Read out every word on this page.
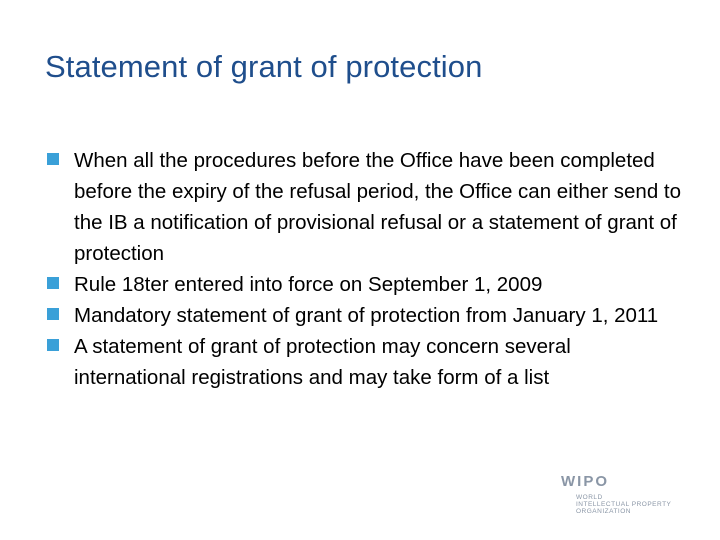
Statement of grant of protection
When all the procedures before the Office have been completed before the expiry of the refusal period, the Office can either send to the IB a notification of provisional refusal or a statement of grant of protection
Rule 18ter entered into force on September 1, 2009
Mandatory statement of grant of protection from January 1, 2011
A statement of grant of protection may concern several international registrations and may take form of a list
WIPO
WORLD
INTELLECTUAL PROPERTY
ORGANIZATION
